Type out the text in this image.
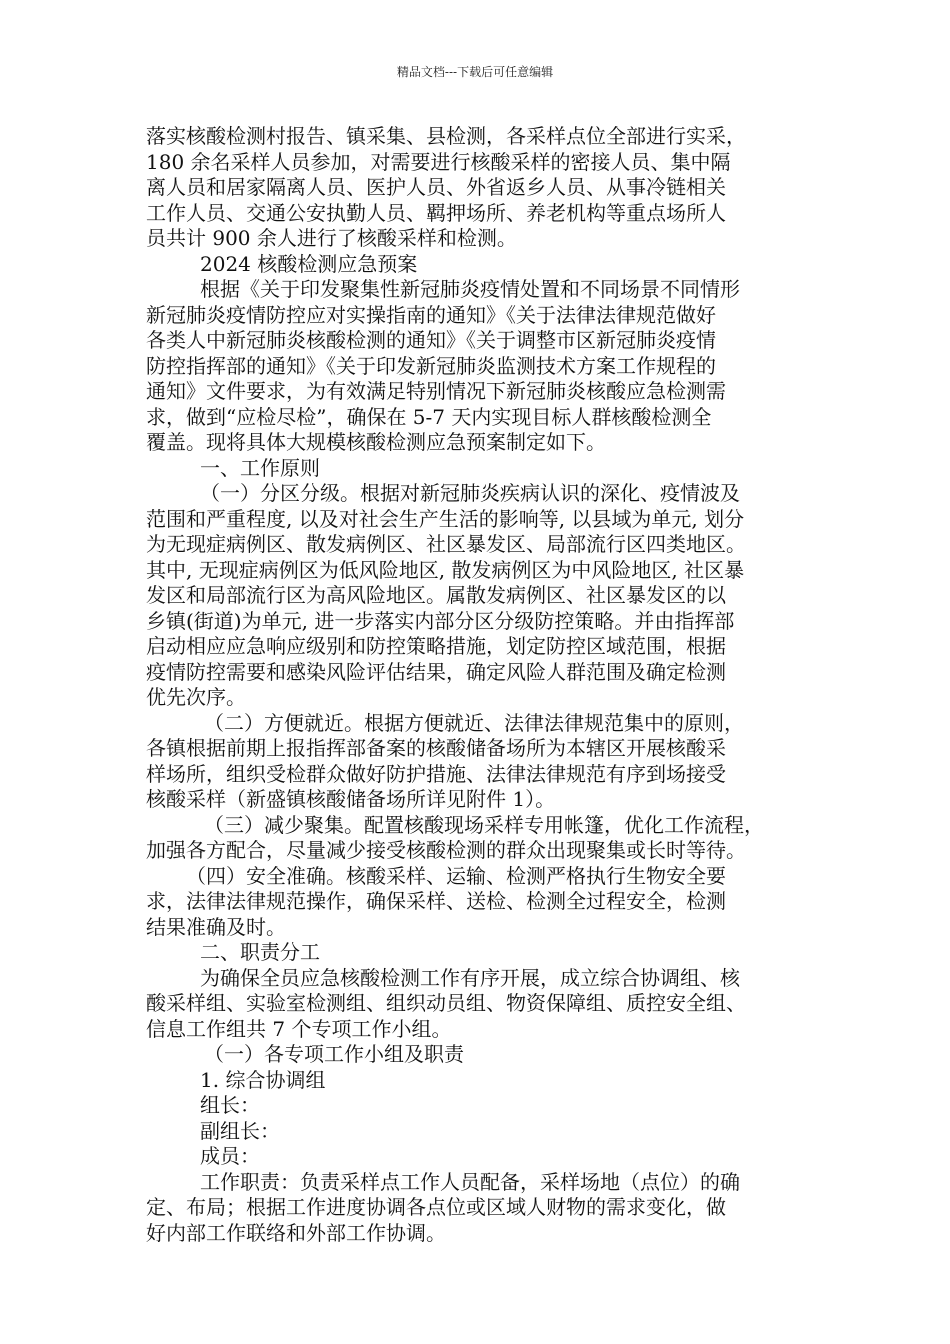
精品文档---下载后可任意编辑
落实核酸检测村报告、镇采集、县检测，各采样点位全部进行实采，
180 余名采样人员参加，对需要进行核酸采样的密接人员、集中隔
离人员和居家隔离人员、医护人员、外省返乡人员、从事冷链相关
工作人员、交通公安执勤人员、羁押场所、养老机构等重点场所人
员共计 900 余人进行了核酸采样和检测。
2024 核酸检测应急预案
根据《关于印发聚集性新冠肺炎疫情处置和不同场景不同情形
新冠肺炎疫情防控应对实操指南的通知》《关于法律法律规范做好
各类人中新冠肺炎核酸检测的通知》《关于调整市区新冠肺炎疫情
防控指挥部的通知》《关于印发新冠肺炎监测技术方案工作规程的
通知》文件要求，为有效满足特别情况下新冠肺炎核酸应急检测需
求，做到“应检尽检”，确保在 5-7 天内实现目标人群核酸检测全
覆盖。现将具体大规模核酸检测应急预案制定如下。
一、工作原则
（一）分区分级。根据对新冠肺炎疾病认识的深化、疫情波及
范围和严重程度, 以及对社会生产生活的影响等, 以县域为单元, 划分
为无现症病例区、散发病例区、社区暴发区、局部流行区四类地区。
其中, 无现症病例区为低风险地区, 散发病例区为中风险地区, 社区暴
发区和局部流行区为高风险地区。属散发病例区、社区暴发区的以
乡镇(街道)为单元, 进一步落实内部分区分级防控策略。并由指挥部
启动相应应急响应级别和防控策略措施，划定防控区域范围，根据
疫情防控需要和感染风险评估结果，确定风险人群范围及确定检测
优先次序。
（二）方便就近。根据方便就近、法律法律规范集中的原则，
各镇根据前期上报指挥部备案的核酸储备场所为本辖区开展核酸采
样场所，组织受检群众做好防护措施、法律法律规范有序到场接受
核酸采样（新盛镇核酸储备场所详见附件 1）。
（三）减少聚集。配置核酸现场采样专用帐篷，优化工作流程，
加强各方配合，尽量减少接受核酸检测的群众出现聚集或长时等待。
（四）安全准确。核酸采样、运输、检测严格执行生物安全要
求，法律法律规范操作，确保采样、送检、检测全过程安全，检测
结果准确及时。
二、职责分工
为确保全员应急核酸检测工作有序开展，成立综合协调组、核
酸采样组、实验室检测组、组织动员组、物资保障组、质控安全组、
信息工作组共 7 个专项工作小组。
（一）各专项工作小组及职责
1. 综合协调组
组长：
副组长：
成员：
工作职责：负责采样点工作人员配备，采样场地（点位）的确
定、布局；根据工作进度协调各点位或区域人财物的需求变化，做
好内部工作联络和外部工作协调。
